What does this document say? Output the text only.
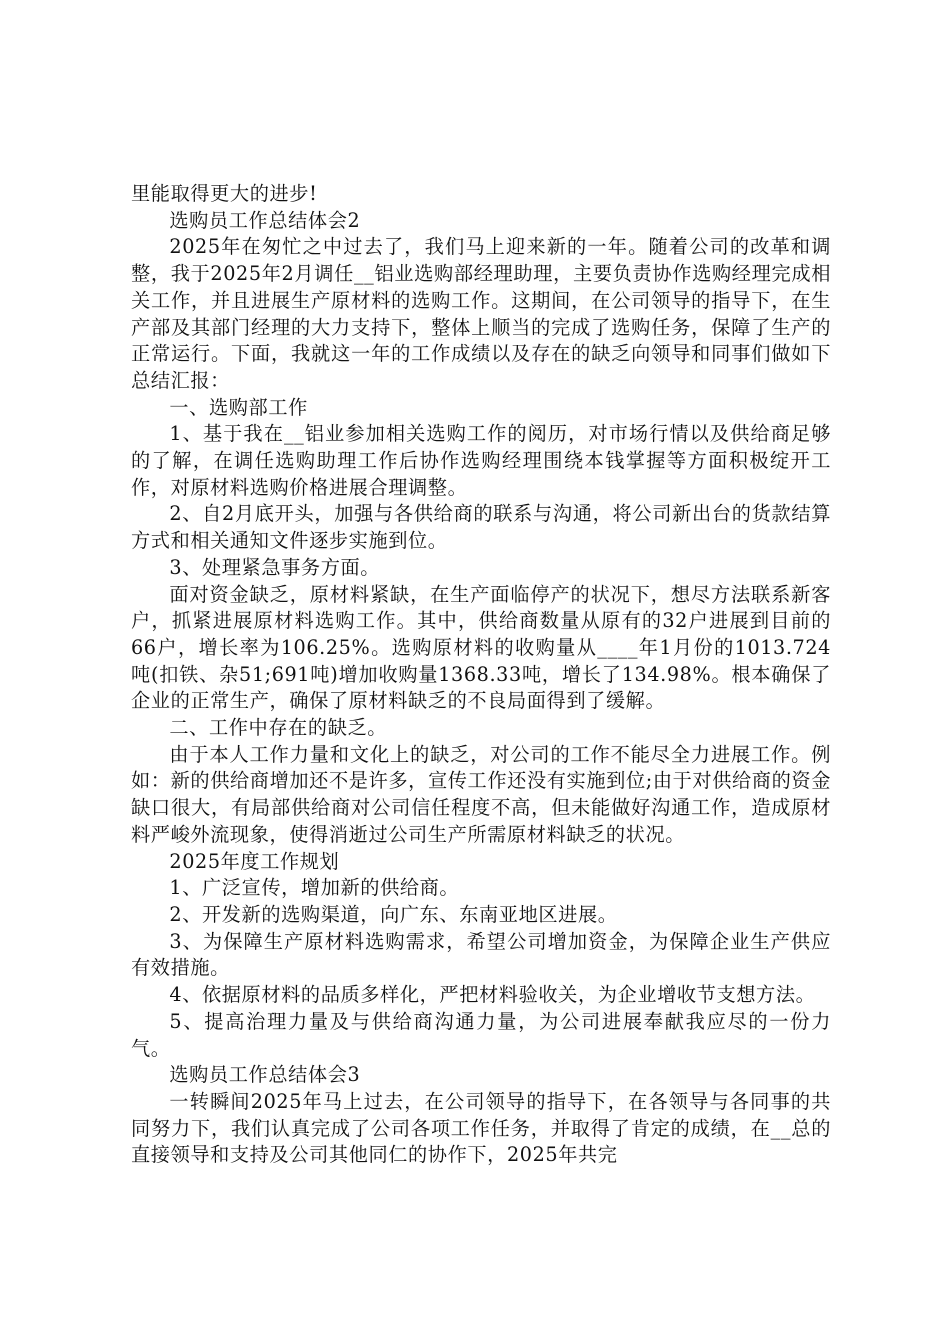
里能取得更大的进步!

选购员工作总结体会2

2025年在匆忙之中过去了，我们马上迎来新的一年。随着公司的改革和调整，我于2025年2月调任__铝业选购部经理助理，主要负责协作选购经理完成相关工作，并且进展生产原材料的选购工作。这期间，在公司领导的指导下，在生产部及其部门经理的大力支持下，整体上顺当的完成了选购任务，保障了生产的正常运行。下面，我就这一年的工作成绩以及存在的缺乏向领导和同事们做如下总结汇报：

一、选购部工作

1、基于我在__铝业参加相关选购工作的阅历，对市场行情以及供给商足够的了解，在调任选购助理工作后协作选购经理围绕本钱掌握等方面积极绽开工作，对原材料选购价格进展合理调整。

2、自2月底开头，加强与各供给商的联系与沟通，将公司新出台的货款结算方式和相关通知文件逐步实施到位。

3、处理紧急事务方面。

面对资金缺乏，原材料紧缺，在生产面临停产的状况下，想尽方法联系新客户，抓紧进展原材料选购工作。其中，供给商数量从原有的32户进展到目前的66户，增长率为106.25%。选购原材料的收购量从____年1月份的1013.724吨(扣铁、杂51;691吨)增加收购量1368.33吨，增长了134.98%。根本确保了企业的正常生产，确保了原材料缺乏的不良局面得到了缓解。

二、工作中存在的缺乏。

由于本人工作力量和文化上的缺乏，对公司的工作不能尽全力进展工作。例如：新的供给商增加还不是许多，宣传工作还没有实施到位;由于对供给商的资金缺口很大，有局部供给商对公司信任程度不高，但未能做好沟通工作，造成原材料严峻外流现象，使得消逝过公司生产所需原材料缺乏的状况。

2025年度工作规划

1、广泛宣传，增加新的供给商。

2、开发新的选购渠道，向广东、东南亚地区进展。

3、为保障生产原材料选购需求，希望公司增加资金，为保障企业生产供应有效措施。

4、依据原材料的品质多样化，严把材料验收关，为企业增收节支想方法。

5、提高治理力量及与供给商沟通力量，为公司进展奉献我应尽的一份力气。

选购员工作总结体会3

一转瞬间2025年马上过去，在公司领导的指导下，在各领导与各同事的共同努力下，我们认真完成了公司各项工作任务，并取得了肯定的成绩，在__总的直接领导和支持及公司其他同仁的协作下，2025年共完
